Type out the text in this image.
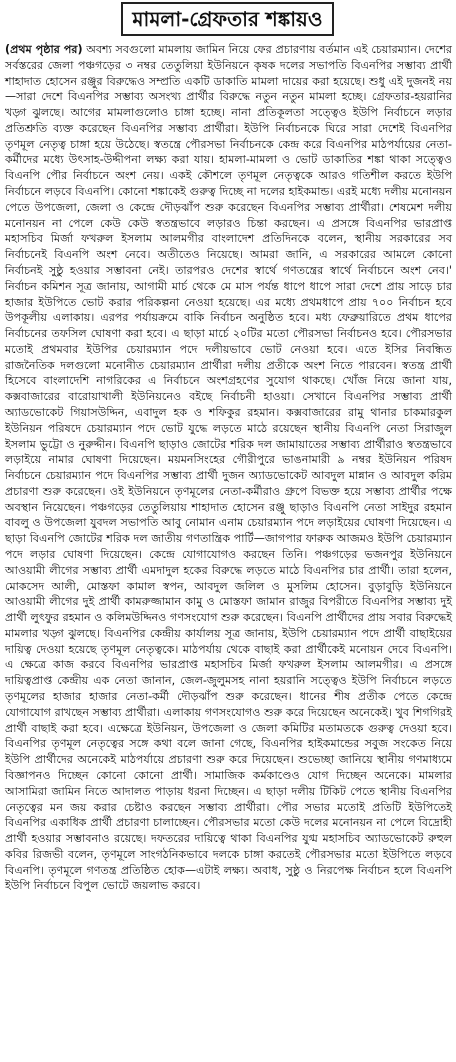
মামলা-গ্রেফতার শঙ্কায়ও

(প্রথম পৃষ্ঠার পর) অবশ্য সবগুলো মামলায় জামিন নিয়ে ফের প্রচারণায় বর্তমান এই চেয়ারম্যান। দেশের সর্বস্তরের জেলা পঞ্চগড়ের ৩ নম্বর তেতুলিয়া ইউনিয়নে কৃষক দলের সভাপতি বিএনপির সম্ভাব্য প্রার্থী শাহাদাত হোসেন রঞ্জুর বিরুদ্ধেও সম্প্রতি একটি ডাকাতি মামলা দায়ের করা হয়েছে। শুধু এই দুজনই নয়—সারা দেশে বিএনপির সম্ভাব্য অসংখ্য প্রার্থীর বিরুদ্ধে নতুন নতুন মামলা হচ্ছে। গ্রেফতার-হয়রানির খড়্গ ঝুলছে। আগের মামলাগুলোও চাঙ্গা হচ্ছে। নানা প্রতিকূলতা সত্ত্বেও ইউপি নির্বাচনে লড়ার প্রতিশ্রুতি ব্যক্ত করেছেন বিএনপির সম্ভাব্য প্রার্থীরা। ইউপি নির্বাচনকে ঘিরে সারা দেশেই বিএনপির তৃণমূল নেতৃত্ব চাঙ্গা হয়ে উঠেছে। স্বতন্ত্রে পৌরসভা নির্বাচনকে কেন্দ্র করে বিএনপির মাঠপর্যায়ের নেতা-কর্মীদের মধ্যে উৎসাহ-উদ্দীপনা লক্ষ্য করা যায়। হামলা-মামলা ও ভোট ডাকাতির শঙ্কা থাকা সত্ত্বেও বিএনপি পৌর নির্বাচনে অংশ নেয়। একই কৌশলে তৃণমূল নেতৃত্বকে আরও গতিশীল করতে ইউপি নির্বাচনে লড়বে বিএনপি। কোনো শঙ্কাকেই গুরুত্ব দিচ্ছে না দলের হাইকমান্ড। এরই মধ্যে দলীয় মনোনয়ন পেতে উপজেলা, জেলা ও কেন্দ্রে দৌড়ঝাঁপ শুরু করেছেন বিএনপির সম্ভাব্য প্রার্থীরা। শেষমেশ দলীয় মনোনয়ন না পেলে কেউ কেউ স্বতন্ত্রভাবে লড়ারও চিন্তা করছেন। এ প্রসঙ্গে বিএনপির ভারপ্রাপ্ত মহাসচিব মির্জা ফখরুল ইসলাম আলমগীর বাংলাদেশ প্রতিদিনকে বলেন, স্থানীয় সরকারের সব নির্বাচনেই বিএনপি অংশ নেবে। অতীতেও নিয়েছে। আমরা জানি, এ সরকারের আমলে কোনো নির্বাচনই সুষ্ঠু হওয়ার সম্ভাবনা নেই। তারপরও দেশের স্বার্থে গণতন্ত্রের স্বার্থে নির্বাচনে অংশ নেব।' নির্বাচন কমিশন সূত্র জানায়, আগামী মার্চ থেকে মে মাস পর্যন্ত ধাপে ধাপে সারা দেশে প্রায় সাড়ে চার হাজার ইউপিতে ভোট করার পরিকল্পনা নেওয়া হয়েছে। এর মধ্যে প্রথমধাপে প্রায় ৭০০ নির্বাচন হবে উপকূলীয় এলাকায়। এরপর পর্যায়ক্রমে বাকি নির্বাচন অনুষ্ঠিত হবে। মধ্য ফেব্রুয়ারিতে প্রথম ধাপের নির্বাচনের তফসিল ঘোষণা করা হবে। এ ছাড়া মার্চে ২০টির মতো পৌরসভা নির্বাচনও হবে। পৌরসভার মতোই প্রথমবার ইউপির চেয়ারম্যান পদে দলীয়ভাবে ভোট নেওয়া হবে। এতে ইসির নিবন্ধিত রাজনৈতিক দলগুলো মনোনীত চেয়ারম্যান প্রার্থীরা দলীয় প্রতীকে অংশ নিতে পারবেন। স্বতন্ত্র প্রার্থী হিসেবে বাংলাদেশি নাগরিকের এ নির্বাচনে অংশগ্রহণের সুযোগ থাকছে। খোঁজ নিয়ে জানা যায়, কক্সবাজারের বারোয়াখালী ইউনিয়নেও বইছে নির্বাচনী হাওয়া। সেখানে বিএনপির সম্ভাব্য প্রার্থী অ্যাডভোকেট গিয়াসউদ্দিন, এবাদুল হক ও শফিকুর রহমান। কক্সবাজারের রামু থানার চাকমারকুল ইউনিয়ন পরিষদে চেয়ারম্যান পদে ভোট যুদ্ধে লড়তে মাঠে রয়েছেন স্থানীয় বিএনপি নেতা সিরাজুল ইসলাম ভুট্টো ও নুরুদ্দীন। বিএনপি ছাড়াও জোটের শরিক দল জামায়াতের সম্ভাব্য প্রার্থীরাও স্বতন্ত্রভাবে লড়াইয়ে নামার ঘোষণা দিয়েছেন। ময়মনসিংহের গৌরীপুরে ভাঙনামারী ৯ নম্বর ইউনিয়ন পরিষদ নির্বাচনে চেয়ারম্যান পদে বিএনপির সম্ভাব্য প্রার্থী দুজন অ্যাডভোকেট আবদুল মান্নান ও আবদুল করিম প্রচারণা শুরু করেছেন। ওই ইউনিয়নে তৃণমূলের নেতা-কর্মীরাও গ্রুপে বিভক্ত হয়ে সম্ভাব্য প্রার্থীর পক্ষে অবস্থান নিয়েছেন। পঞ্চগড়ের তেতুলিয়ায় শাহাদাত হোসেন রঞ্জু ছাড়াও বিএনপি নেতা সাইদুর রহমান বাবলু ও উপজেলা যুবদল সভাপতি আবু নোমান এনাম চেয়ারম্যান পদে লড়াইয়ের ঘোষণা দিয়েছেন। এ ছাড়া বিএনপি জোটের শরিক দল জাতীয় গণতান্ত্রিক পার্টি—জাগপার ফারুক আজমও ইউপি চেয়ারম্যান পদে লড়ার ঘোষণা দিয়েছেন। কেন্দ্রে যোগাযোগও করছেন তিনি। পঞ্চগড়ের ভজনপুর ইউনিয়নে আওয়ামী লীগের সম্ভাব্য প্রার্থী এমদাদুল হকের বিরুদ্ধে লড়তে মাঠে বিএনপির চার প্রার্থী। তারা হলেন, মোকসেদ আলী, মোস্তফা কামাল স্বপন, আবদুল জলিল ও মুসলিম হোসেন। বুড়াবুড়ি ইউনিয়নে আওয়ামী লীগের দুই প্রার্থী কামরুজ্জামান কামু ও মোস্তফা জামান রাজুর বিপরীতে বিএনপির সম্ভাব্য দুই প্রার্থী লুৎফুর রহমান ও কলিমউদ্দিনও গণসংযোগ শুরু করেছেন। বিএনপি প্রার্থীদের প্রায় সবার বিরুদ্ধেই মামলার খড়্গ ঝুলছে। বিএনপির কেন্দ্রীয় কার্যালয় সূত্র জানায়, ইউপি চেয়ারম্যান পদে প্রার্থী বাছাইয়ের দায়িত্ব দেওয়া হয়েছে তৃণমূল নেতৃত্বকে। মাঠপর্যায় থেকে বাছাই করা প্রার্থীকেই মনোয়ন দেবে বিএনপি। এ ক্ষেত্রে কাজ করবে বিএনপির ভারপ্রাপ্ত মহাসচিব মির্জা ফখরুল ইসলাম আলমগীর। এ প্রসঙ্গে দায়িত্বপ্রাপ্ত কেন্দ্রীয় এক নেতা জানান, জেল-জুলুমসহ নানা হয়রানি সত্ত্বেও ইউপি নির্বাচনে লড়তে তৃণমূলের হাজার হাজার নেতা-কর্মী দৌড়ঝাঁপ শুরু করেছেন। ধানের শীষ প্রতীক পেতে কেন্দ্রে যোগাযোগ রাখছেন সম্ভাব্য প্রার্থীরা। এলাকায় গণসংযোগও শুরু করে দিয়েছেন অনেকেই। খুব শিগগিরই প্রার্থী বাছাই করা হবে। এক্ষেত্রে ইউনিয়ন, উপজেলা ও জেলা কমিটির মতামতকে গুরুত্ব দেওয়া হবে। বিএনপির তৃণমূল নেতৃত্বের সঙ্গে কথা বলে জানা গেছে, বিএনপির হাইকমান্ডের সবুজ সংকেত নিয়ে ইউপি প্রার্থীদের অনেকেই মাঠপর্যায়ে প্রচারণা শুরু করে দিয়েছেন। শুভেচ্ছা জানিয়ে স্থানীয় গণমাধ্যমে বিজ্ঞাপনও দিচ্ছেন কোনো কোনো প্রার্থী। সামাজিক কর্মকাণ্ডেও যোগ দিচ্ছেন অনেকে। মামলার আসামিরা জামিন নিতে আদালত পাড়ায় ধরনা দিচ্ছেন। এ ছাড়া দলীয় টিকিট পেতে স্থানীয় বিএনপির নেতৃত্বের মন জয় করার চেষ্টাও করছেন সম্ভাব্য প্রার্থীরা। পৌর সভার মতোই প্রতিটি ইউপিতেই বিএনপির একাধিক প্রার্থী প্রচারণা চালাচ্ছেন। পৌরসভার মতো কেউ দলের মনোনয়ন না পেলে বিদ্রোহী প্রার্থী হওয়ার সম্ভাবনাও রয়েছে। দফতরের দায়িত্বে থাকা বিএনপির যুগ্ম মহাসচিব অ্যাডভোকেট রুহুল কবির রিজভী বলেন, তৃণমূলে সাংগঠনিকভাবে দলকে চাঙ্গা করতেই পৌরসভার মতো ইউপিতে লড়বে বিএনপি। তৃণমূলে গণতন্ত্র প্রতিষ্ঠিত হোক—এটাই লক্ষ্য। অবাধ, সুষ্ঠু ও নিরপেক্ষ নির্বাচন হলে বিএনপি ইউপি নির্বাচনে বিপুল ভোটে জয়লাভ করবে।
